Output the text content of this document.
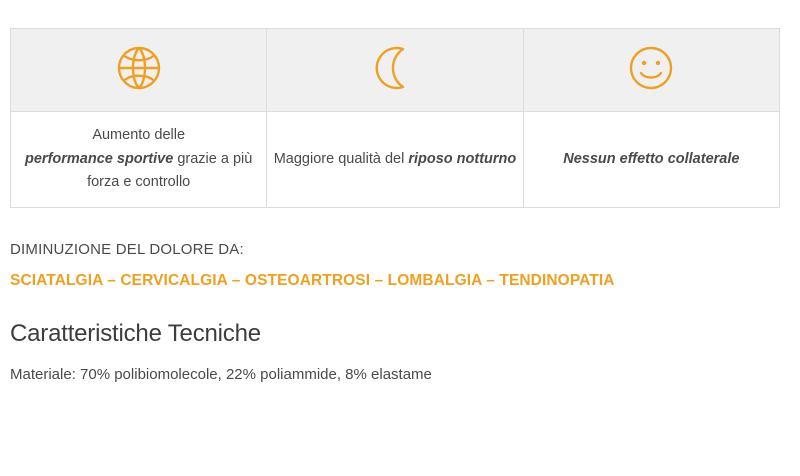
Aumento delle
performance sportive grazie a più forza e controllo	Maggiore qualità del riposo notturno	Nessun effetto collaterale
DIMINUZIONE DEL DOLORE DA:
SCIATALGIA – CERVICALGIA – OSTEOARTROSI – LOMBALGIA – TENDINOPATIA
Caratteristiche Tecniche
Materiale: 70% polibiomolecole, 22% poliammide, 8% elastame
